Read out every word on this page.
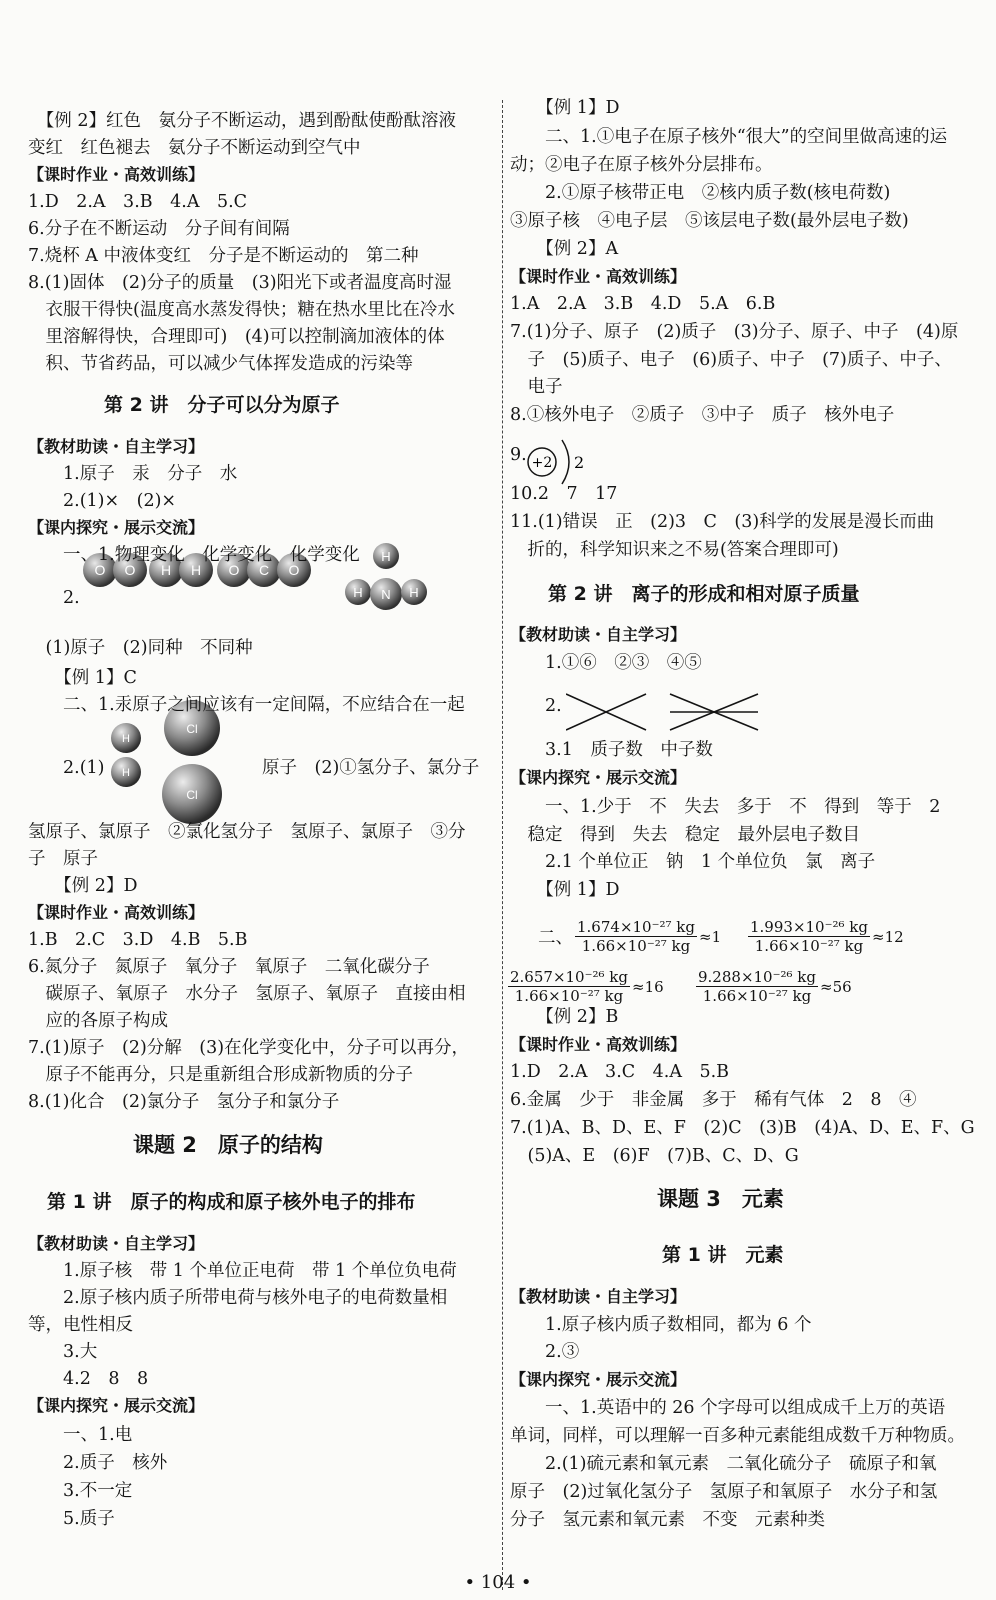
O O H H O C O
H
H N H
H
H
Cl
Cl
　【例 2】红色　氨分子不断运动，遇到酚酞使酚酞溶液
变红　红色褪去　氨分子不断运动到空气中
【课时作业・高效训练】
1.D　2.A　3.B　4.A　5.C
6.分子在不断运动　分子间有间隔
7.烧杯 A 中液体变红　分子是不断运动的　第二种
8.(1)固体　(2)分子的质量　(3)阳光下或者温度高时湿
　衣服干得快(温度高水蒸发得快；糖在热水里比在冷水
　里溶解得快，合理即可)　(4)可以控制滴加液体的体
　积、节省药品，可以减少气体挥发造成的污染等
　　　　第 2 讲　分子可以分为原子
【教材助读・自主学习】
　　1.原子　汞　分子　水
　　2.(1)×　(2)×
【课内探究・展示交流】
　　一、1.物理变化　化学变化　化学变化
　　2.
　(1)原子　(2)同种　不同种
　　【例 1】C
　　二、1.汞原子之间应该有一定间隔，不应结合在一起
　　2.(1)	原子　(2)①氢分子、氯分子
氢原子、氯原子　②氯化氢分子　氢原子、氯原子　③分
子　原子
　　【例 2】D
【课时作业・高效训练】
1.B　2.C　3.D　4.B　5.B
6.氮分子　氮原子　氧分子　氧原子　二氧化碳分子
　碳原子、氧原子　水分子　氢原子、氧原子　直接由相
　应的各原子构成
7.(1)原子　(2)分解　(3)在化学变化中，分子可以再分，
　原子不能再分，只是重新组合形成新物质的分子
8.(1)化合　(2)氯分子　氢分子和氯分子
　　　　　课题 2　原子的结构
　第 1 讲　原子的构成和原子核外电子的排布
【教材助读・自主学习】
　　1.原子核　带 1 个单位正电荷　带 1 个单位负电荷
　　2.原子核内质子所带电荷与核外电子的电荷数量相
等，电性相反
　　3.大
　　4.2　8　8
【课内探究・展示交流】
　　一、1.电
　　2.质子　核外
　　3.不一定
　　5.质子
+2 2
二、 $\frac{\text{1.674×10⁻²⁷ kg}}{\text{1.66×10⁻²⁷ kg}} \approx 1 \frac{\text{1.993×10⁻²⁶ kg}}{\text{1.66×10⁻²⁷ kg}} \approx 12$
$\frac{\text{2.657×10⁻²⁶ kg}}{\text{1.66×10⁻²⁷ kg}} \approx 16 \frac{\text{9.288×10⁻²⁶ kg}}{\text{1.66×10⁻²⁷ kg}} \approx 56$
　　【例 1】D
　　二、1.①电子在原子核外“很大”的空间里做高速的运
动；②电子在原子核外分层排布。
　　2.①原子核带正电　②核内质子数(核电荷数)
③原子核　④电子层　⑤该层电子数(最外层电子数)
　　【例 2】A
【课时作业・高效训练】
1.A　2.A　3.B　4.D　5.A　6.B
7.(1)分子、原子　(2)质子　(3)分子、原子、中子　(4)原
　子　(5)质子、电子　(6)质子、中子　(7)质子、中子、
　电子
8.①核外电子　②质子　③中子　质子　核外电子
9.
10.2　7　17
11.(1)错误　正　(2)3　C　(3)科学的发展是漫长而曲
　折的，科学知识来之不易(答案合理即可)
　　第 2 讲　离子的形成和相对原子质量
【教材助读・自主学习】
　　1.①⑥　②③　④⑤
　　2.
　　3.1　质子数　中子数
【课内探究・展示交流】
　　一、1.少于　不　失去　多于　不　得到　等于　2
　稳定　得到　失去　稳定　最外层电子数目
　　2.1 个单位正　钠　1 个单位负　氯　离子
　　【例 1】D
　　【例 2】B
【课时作业・高效训练】
1.D　2.A　3.C　4.A　5.B
6.金属　少于　非金属　多于　稀有气体　2　8　④
7.(1)A、B、D、E、F　(2)C　(3)B　(4)A、D、E、F、G
　(5)A、E　(6)F　(7)B、C、D、G
　　　　　　　课题 3　元素
　　　　　　　　第 1 讲　元素
【教材助读・自主学习】
　　1.原子核内质子数相同，都为 6 个
　　2.③
【课内探究・展示交流】
　　一、1.英语中的 26 个字母可以组成成千上万的英语
单词，同样，可以理解一百多种元素能组成数千万种物质。
　　2.(1)硫元素和氧元素　二氧化硫分子　硫原子和氧
原子　(2)过氧化氢分子　氢原子和氧原子　水分子和氢
分子　氢元素和氧元素　不变　元素种类
• 104 •
